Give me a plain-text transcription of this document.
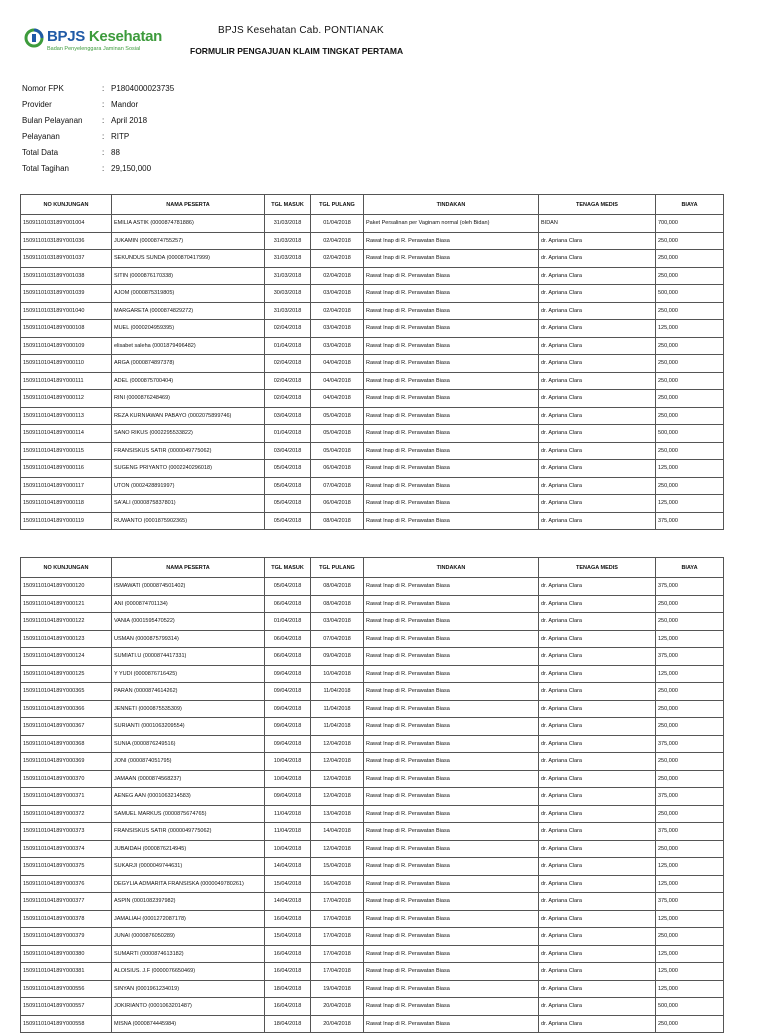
BPJS Kesehatan
Badan Penyelenggara Jaminan Sosial
BPJS Kesehatan Cab. PONTIANAK
FORMULIR PENGAJUAN KLAIM TINGKAT PERTAMA
Nomor FPK	: P1804000023735
Provider	: Mandor
Bulan Pelayanan	: April 2018
Pelayanan	: RITP
Total Data	: 88
Total Tagihan	: 29,150,000
NO KUNJUNGAN	NAMA PESERTA	TGL MASUK	TGL PULANG	TINDAKAN	TENAGA MEDIS	BIAYA
1509110103189Y001004	EMILIA ASTIK (0000874781886)	31/03/2018	01/04/2018	Paket Persalinan per Vaginam normal (oleh Bidan)	BIDAN	700,000
1509110103189Y001036	JUKAMIN (0000874755257)	31/03/2018	02/04/2018	Rawat Inap di R. Perawatan Biasa	dr. Apriana Clara	250,000
1509110103189Y001037	SEKUNDUS SUNDA (0000870417999)	31/03/2018	02/04/2018	Rawat Inap di R. Perawatan Biasa	dr. Apriana Clara	250,000
1509110103189Y001038	SITIN (0000876170338)	31/03/2018	02/04/2018	Rawat Inap di R. Perawatan Biasa	dr. Apriana Clara	250,000
1509110103189Y001039	AJOM (0000875319805)	30/03/2018	03/04/2018	Rawat Inap di R. Perawatan Biasa	dr. Apriana Clara	500,000
1509110103189Y001040	MARGARETA (0000874829272)	31/03/2018	02/04/2018	Rawat Inap di R. Perawatan Biasa	dr. Apriana Clara	250,000
1509110104189Y000108	MUEL (0000204959395)	02/04/2018	03/04/2018	Rawat Inap di R. Perawatan Biasa	dr. Apriana Clara	125,000
1509110104189Y000109	elisabet saleha (0001879496482)	01/04/2018	03/04/2018	Rawat Inap di R. Perawatan Biasa	dr. Apriana Clara	250,000
1509110104189Y000110	ARGA (0000874897378)	02/04/2018	04/04/2018	Rawat Inap di R. Perawatan Biasa	dr. Apriana Clara	250,000
1509110104189Y000111	ADEL (0000875700404)	02/04/2018	04/04/2018	Rawat Inap di R. Perawatan Biasa	dr. Apriana Clara	250,000
1509110104189Y000112	RINI (0000876248469)	02/04/2018	04/04/2018	Rawat Inap di R. Perawatan Biasa	dr. Apriana Clara	250,000
1509110104189Y000113	REZA KURNIAWAN PABAYO (0002075899746)	03/04/2018	05/04/2018	Rawat Inap di R. Perawatan Biasa	dr. Apriana Clara	250,000
1509110104189Y000114	SANO RIKUS (0002295533822)	01/04/2018	05/04/2018	Rawat Inap di R. Perawatan Biasa	dr. Apriana Clara	500,000
1509110104189Y000115	FRANSISKUS SATIR (0000049775062)	03/04/2018	05/04/2018	Rawat Inap di R. Perawatan Biasa	dr. Apriana Clara	250,000
1509110104189Y000116	SUGENG PRIYANTO (0002240296018)	05/04/2018	06/04/2018	Rawat Inap di R. Perawatan Biasa	dr. Apriana Clara	125,000
1509110104189Y000117	UTON (0002428891997)	05/04/2018	07/04/2018	Rawat Inap di R. Perawatan Biasa	dr. Apriana Clara	250,000
1509110104189Y000118	SA'ALI (0000875837801)	05/04/2018	06/04/2018	Rawat Inap di R. Perawatan Biasa	dr. Apriana Clara	125,000
1509110104189Y000119	RUWANTO (0001875902365)	05/04/2018	08/04/2018	Rawat Inap di R. Perawatan Biasa	dr. Apriana Clara	375,000
NO KUNJUNGAN	NAMA PESERTA	TGL MASUK	TGL PULANG	TINDAKAN	TENAGA MEDIS	BIAYA
1509110104189Y000120	ISMAWATI (0000874501402)	05/04/2018	08/04/2018	Rawat Inap di R. Perawatan Biasa	dr. Apriana Clara	375,000
1509110104189Y000121	ANI (0000874701134)	06/04/2018	08/04/2018	Rawat Inap di R. Perawatan Biasa	dr. Apriana Clara	250,000
1509110104189Y000122	VANIA (0001595470522)	01/04/2018	03/04/2018	Rawat Inap di R. Perawatan Biasa	dr. Apriana Clara	250,000
1509110104189Y000123	USMAN (0000875799314)	06/04/2018	07/04/2018	Rawat Inap di R. Perawatan Biasa	dr. Apriana Clara	125,000
1509110104189Y000124	SUMIATI.U (0000874417331)	06/04/2018	09/04/2018	Rawat Inap di R. Perawatan Biasa	dr. Apriana Clara	375,000
1509110104189Y000125	Y YUDI (0000876716425)	09/04/2018	10/04/2018	Rawat Inap di R. Perawatan Biasa	dr. Apriana Clara	125,000
1509110104189Y000365	PARAN (0000874614262)	09/04/2018	11/04/2018	Rawat Inap di R. Perawatan Biasa	dr. Apriana Clara	250,000
1509110104189Y000366	JENNETI (0000875535309)	09/04/2018	11/04/2018	Rawat Inap di R. Perawatan Biasa	dr. Apriana Clara	250,000
1509110104189Y000367	SURIANTI (0001063209554)	09/04/2018	11/04/2018	Rawat Inap di R. Perawatan Biasa	dr. Apriana Clara	250,000
1509110104189Y000368	SUNIA (0000876249516)	09/04/2018	12/04/2018	Rawat Inap di R. Perawatan Biasa	dr. Apriana Clara	375,000
1509110104189Y000369	JONI (0000874051795)	10/04/2018	12/04/2018	Rawat Inap di R. Perawatan Biasa	dr. Apriana Clara	250,000
1509110104189Y000370	JAMAAN (0000874568237)	10/04/2018	12/04/2018	Rawat Inap di R. Perawatan Biasa	dr. Apriana Clara	250,000
1509110104189Y000371	AENEG AAN (0001063214583)	09/04/2018	12/04/2018	Rawat Inap di R. Perawatan Biasa	dr. Apriana Clara	375,000
1509110104189Y000372	SAMUEL MARKUS (0000875674765)	11/04/2018	13/04/2018	Rawat Inap di R. Perawatan Biasa	dr. Apriana Clara	250,000
1509110104189Y000373	FRANSISKUS SATIR (0000049775062)	11/04/2018	14/04/2018	Rawat Inap di R. Perawatan Biasa	dr. Apriana Clara	375,000
1509110104189Y000374	JUBAIDAH (0000876214945)	10/04/2018	12/04/2018	Rawat Inap di R. Perawatan Biasa	dr. Apriana Clara	250,000
1509110104189Y000375	SUKARJI (0000049744631)	14/04/2018	15/04/2018	Rawat Inap di R. Perawatan Biasa	dr. Apriana Clara	125,000
1509110104189Y000376	DEGYLIA ADMARITA FRANSISKA (0000049780261)	15/04/2018	16/04/2018	Rawat Inap di R. Perawatan Biasa	dr. Apriana Clara	125,000
1509110104189Y000377	ASPIN (0001082397982)	14/04/2018	17/04/2018	Rawat Inap di R. Perawatan Biasa	dr. Apriana Clara	375,000
1509110104189Y000378	JAMALIAH (0001272087178)	16/04/2018	17/04/2018	Rawat Inap di R. Perawatan Biasa	dr. Apriana Clara	125,000
1509110104189Y000379	JUNAI (0000876050289)	15/04/2018	17/04/2018	Rawat Inap di R. Perawatan Biasa	dr. Apriana Clara	250,000
1509110104189Y000380	SUMARTI (0000874613182)	16/04/2018	17/04/2018	Rawat Inap di R. Perawatan Biasa	dr. Apriana Clara	125,000
1509110104189Y000381	ALOISIUS. J.F (0000076650469)	16/04/2018	17/04/2018	Rawat Inap di R. Perawatan Biasa	dr. Apriana Clara	125,000
1509110104189Y000556	SINYAN (0001961234019)	18/04/2018	19/04/2018	Rawat Inap di R. Perawatan Biasa	dr. Apriana Clara	125,000
1509110104189Y000557	JOKIRIANTO (0001063201487)	16/04/2018	20/04/2018	Rawat Inap di R. Perawatan Biasa	dr. Apriana Clara	500,000
1509110104189Y000558	MISNA (0000874445984)	18/04/2018	20/04/2018	Rawat Inap di R. Perawatan Biasa	dr. Apriana Clara	250,000
